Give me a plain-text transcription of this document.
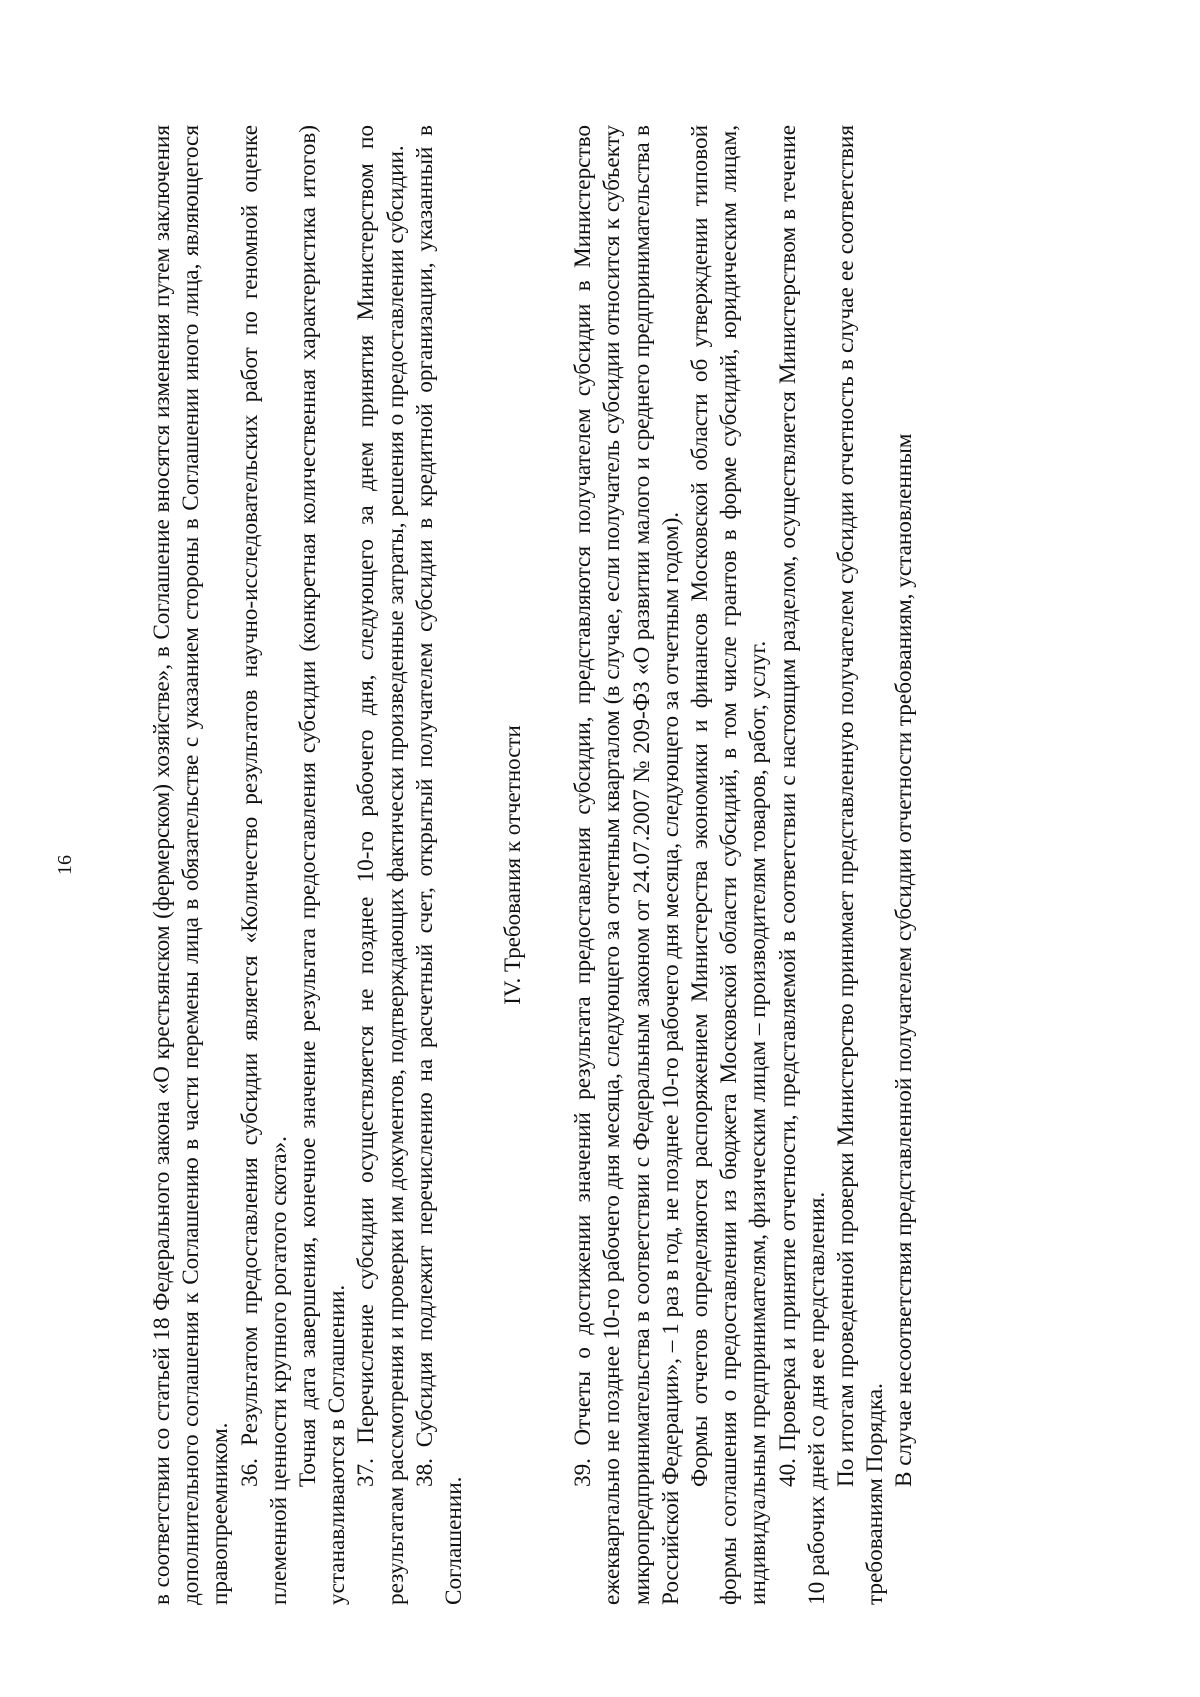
16	в соответствии со статьей 18 Федерального закона «О крестьянском (фермерском) хозяйстве», в Соглашение вносятся изменения путем заключения дополнительного соглашения к Соглашению в части перемены лица в обязательстве с указанием стороны в Соглашении иного лица, являющегося правопреемником.

36. Результатом предоставления субсидии является «Количество результатов научно-исследовательских работ по геномной оценке племенной ценности крупного рогатого скота». Точная дата завершения, конечное значение результата предоставления субсидии (конкретная количественная характеристика итогов) устанавливаются в Соглашении. 37. Перечисление субсидии осуществляется не позднее 10-го рабочего дня, следующего за днем принятия Министерством по результатам рассмотрения и проверки им документов, подтверждающих фактически произведенные затраты, решения о предоставлении субсидии. 38. Субсидия подлежит перечислению на расчетный счет, открытый получателем субсидии в кредитной организации, указанный в Соглашении.

IV. Требования к отчетности 39. Отчеты о достижении значений результата предоставления субсидии, представляются получателем субсидии в Министерство ежеквартально не позднее 10-го рабочего дня месяца, следующего за отчетным кварталом (в случае, если получатель субсидии относится к субъекту микропредпринимательства в соответствии с Федеральным законом от 24.07.2007 № 209-ФЗ «О развитии малого и среднего предпринимательства в Российской Федерации», – 1 раз в год, не позднее 10-го рабочего дня месяца, следующего за отчетным годом). Формы отчетов определяются распоряжением Министерства экономики и финансов Московской области об утверждении типовой формы соглашения о предоставлении из бюджета Московской области субсидий, в том числе грантов в форме субсидий, юридическим лицам, индивидуальным предпринимателям, физическим лицам – производителям товаров, работ, услуг. 40. Проверка и принятие отчетности, представляемой в соответствии с настоящим разделом, осуществляется Министерством в течение 10 рабочих дней со дня ее представления. По итогам проведенной проверки Министерство принимает представленную получателем субсидии отчетность в случае ее соответствия требованиям Порядка.

В случае несоответствия представленной получателем субсидии отчетности требованиям, установленным
